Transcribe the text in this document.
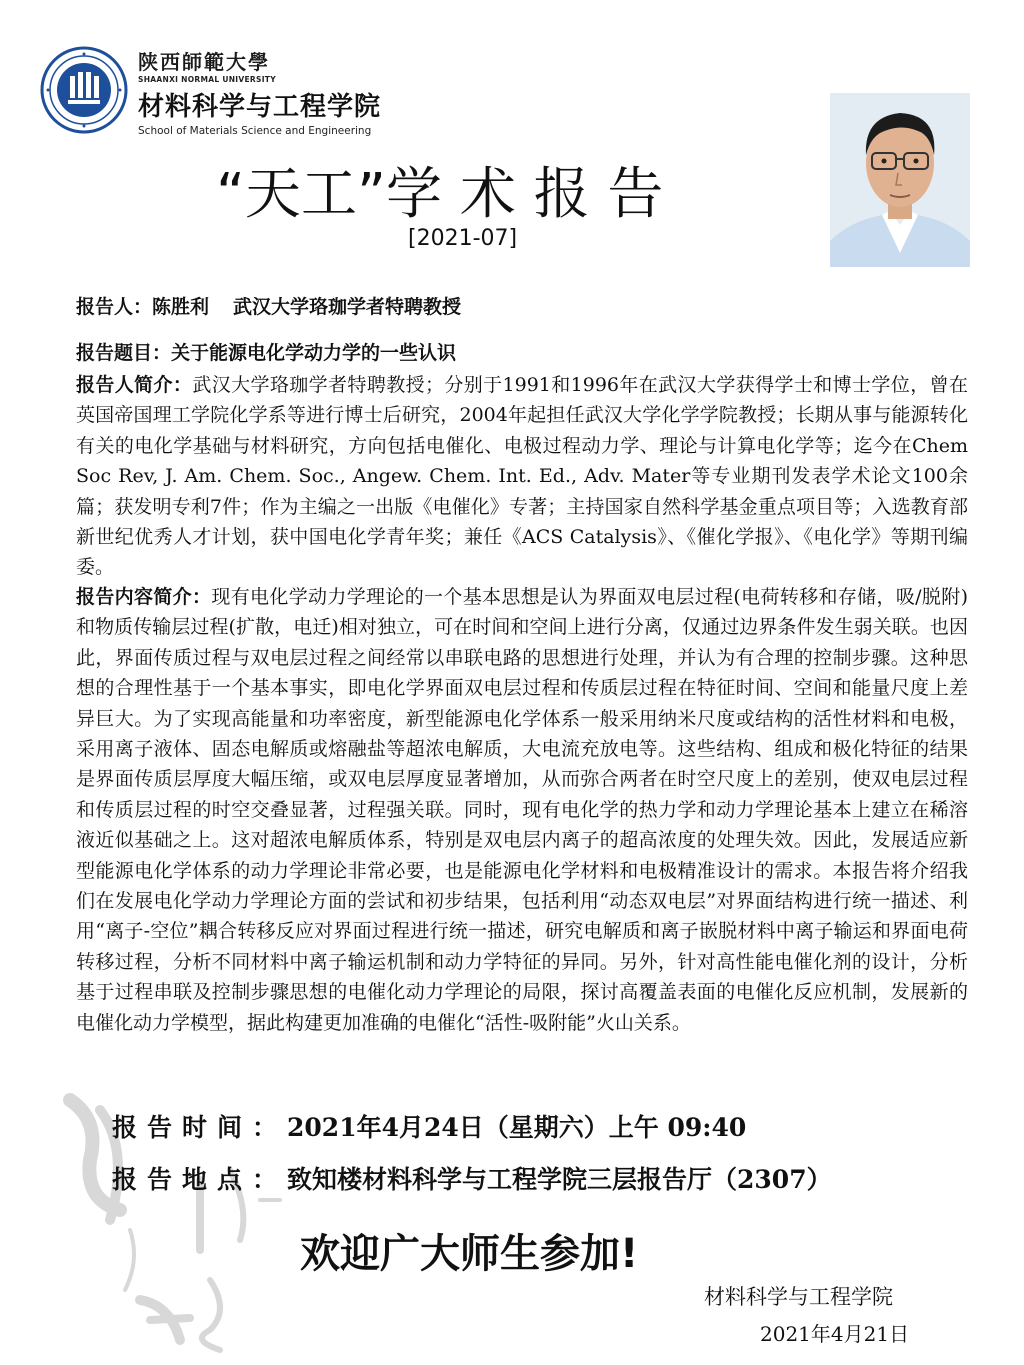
陕西師範大學
SHAANXI NORMAL UNIVERSITY
材料科学与工程学院
School of Materials Science and Engineering
“天工”学 术 报 告
[2021-07]
报告人：陈胜利 武汉大学珞珈学者特聘教授
报告题目：关于能源电化学动力学的一些认识
报告人简介：武汉大学珞珈学者特聘教授；分别于1991和1996年在武汉大学获得学士和博士学位，曾在英国帝国理工学院化学系等进行博士后研究，2004年起担任武汉大学化学学院教授；长期从事与能源转化有关的电化学基础与材料研究，方向包括电催化、电极过程动力学、理论与计算电化学等；迄今在Chem Soc Rev, J. Am. Chem. Soc., Angew. Chem. Int. Ed., Adv. Mater等专业期刊发表学术论文100余篇；获发明专利7件；作为主编之一出版《电催化》专著；主持国家自然科学基金重点项目等；入选教育部新世纪优秀人才计划，获中国电化学青年奖；兼任《ACS Catalysis》、《催化学报》、《电化学》等期刊编委。
报告内容简介：现有电化学动力学理论的一个基本思想是认为界面双电层过程(电荷转移和存储，吸/脱附)和物质传输层过程(扩散，电迁)相对独立，可在时间和空间上进行分离，仅通过边界条件发生弱关联。也因此，界面传质过程与双电层过程之间经常以串联电路的思想进行处理，并认为有合理的控制步骤。这种思想的合理性基于一个基本事实，即电化学界面双电层过程和传质层过程在特征时间、空间和能量尺度上差异巨大。为了实现高能量和功率密度，新型能源电化学体系一般采用纳米尺度或结构的活性材料和电极，采用离子液体、固态电解质或熔融盐等超浓电解质，大电流充放电等。这些结构、组成和极化特征的结果是界面传质层厚度大幅压缩，或双电层厚度显著增加，从而弥合两者在时空尺度上的差别，使双电层过程和传质层过程的时空交叠显著，过程强关联。同时，现有电化学的热力学和动力学理论基本上建立在稀溶液近似基础之上。这对超浓电解质体系，特别是双电层内离子的超高浓度的处理失效。因此，发展适应新型能源电化学体系的动力学理论非常必要，也是能源电化学材料和电极精准设计的需求。本报告将介绍我们在发展电化学动力学理论方面的尝试和初步结果，包括利用“动态双电层”对界面结构进行统一描述、利用“离子-空位”耦合转移反应对界面过程进行统一描述，研究电解质和离子嵌脱材料中离子输运和界面电荷转移过程，分析不同材料中离子输运机制和动力学特征的异同。另外，针对高性能电催化剂的设计，分析基于过程串联及控制步骤思想的电催化动力学理论的局限，探讨高覆盖表面的电催化反应机制，发展新的电催化动力学模型，据此构建更加准确的电催化“活性-吸附能”火山关系。
报告时间：2021年4月24日（星期六）上午 09:40
报告地点：致知楼材料科学与工程学院三层报告厅（2307）
欢迎广大师生参加!
材料科学与工程学院
2021年4月21日
